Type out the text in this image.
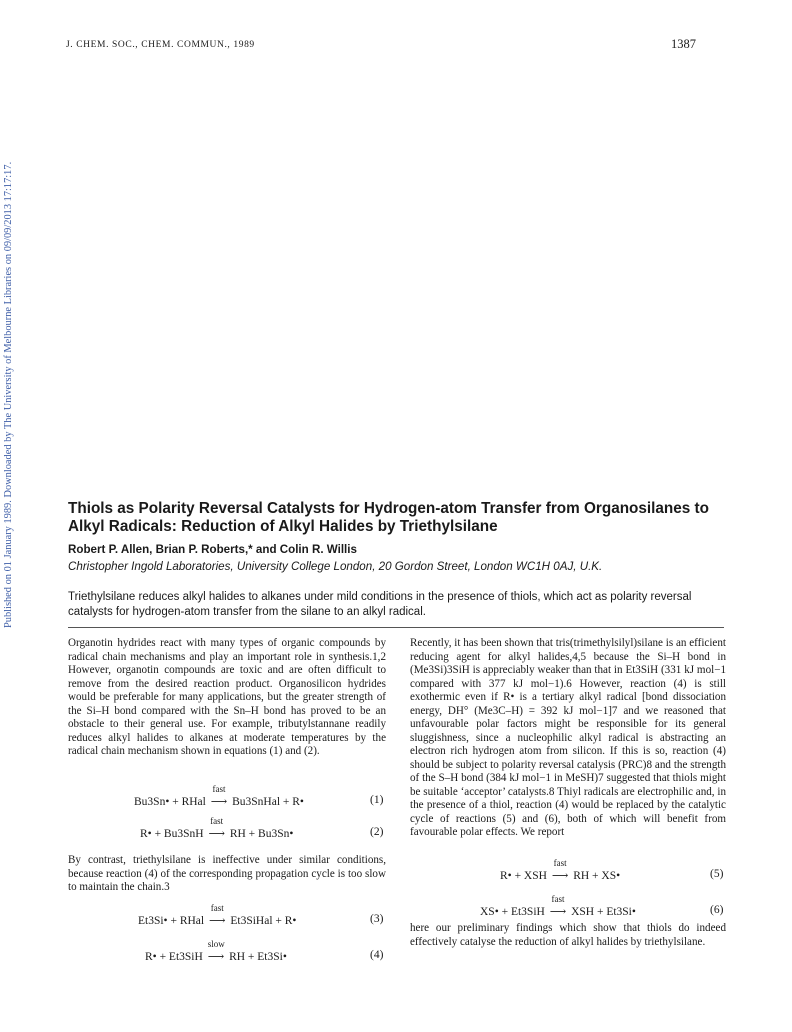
J. CHEM. SOC., CHEM. COMMUN., 1989	1387
Published on 01 January 1989. Downloaded by The University of Melbourne Libraries on 09/09/2013 17:17:17.	Thiols as Polarity Reversal Catalysts for Hydrogen-atom Transfer from Organosilanes to Alkyl Radicals: Reduction of Alkyl Halides by Triethylsilane
Robert P. Allen, Brian P. Roberts,* and Colin R. Willis
Christopher Ingold Laboratories, University College London, 20 Gordon Street, London WC1H 0AJ, U.K.

Triethylsilane reduces alkyl halides to alkanes under mild conditions in the presence of thiols, which act as polarity reversal catalysts for hydrogen-atom transfer from the silane to an alkyl radical.

Organotin hydrides react with many types of organic compounds by radical chain mechanisms and play an important role in synthesis.1,2 However, organotin compounds are toxic and are often difficult to remove from the desired reaction product. Organosilicon hydrides would be preferable for many applications, but the greater strength of the Si–H bond compared with the Sn–H bond has proved to be an obstacle to their general use. For example, tributylstannane readily reduces alkyl halides to alkanes at moderate temperatures by the radical chain mechanism shown in equations (1) and (2).

Bu3Sn• + RHal
fast
⟶ Bu3SnHal + R•	(1)
R• + Bu3SnH
fast
⟶ RH + Bu3Sn•	(2)

By contrast, triethylsilane is ineffective under similar conditions, because reaction (4) of the corresponding propagation cycle is too slow to maintain the chain.3

Et3Si• + RHal
fast
⟶ Et3SiHal + R•	(3)
R• + Et3SiH
slow
⟶ RH + Et3Si•	(4)

Recently, it has been shown that tris(trimethylsilyl)silane is an efficient reducing agent for alkyl halides,4,5 because the Si–H bond in (Me3Si)3SiH is appreciably weaker than that in Et3SiH (331 kJ mol−1 compared with 377 kJ mol−1).6 However, reaction (4) is still exothermic even if R• is a tertiary alkyl radical [bond dissociation energy, DH° (Me3C–H) = 392 kJ mol−1]7 and we reasoned that unfavourable polar factors might be responsible for its general sluggishness, since a nucleophilic alkyl radical is abstracting an electron rich hydrogen atom from silicon. If this is so, reaction (4) should be subject to polarity reversal catalysis (PRC)8 and the strength of the S–H bond (384 kJ mol−1 in MeSH)7 suggested that thiols might be suitable ‘acceptor’ catalysts.8 Thiyl radicals are electrophilic and, in the presence of a thiol, reaction (4) would be replaced by the catalytic cycle of reactions (5) and (6), both of which will benefit from favourable polar effects. We report

R• + XSH
fast
⟶ RH + XS•	(5)
XS• + Et3SiH
fast
⟶ XSH + Et3Si•	(6)

here our preliminary findings which show that thiols do indeed effectively catalyse the reduction of alkyl halides by triethylsilane.
